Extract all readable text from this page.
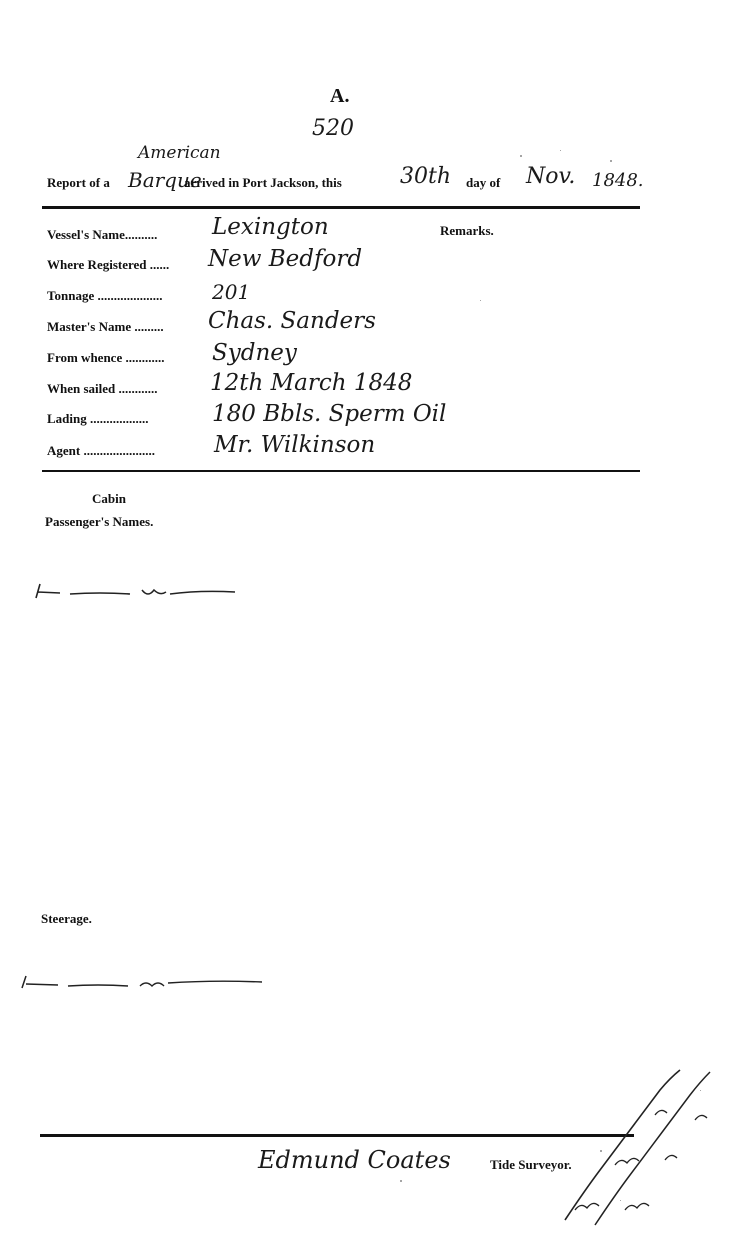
A.
520
American
Report of a Barque
arrived in Port Jackson, this	30th day of Nov. 1848.
Remarks.
Vessel's Name.......... Lexington
Where Registered ...... New Bedford
Tonnage .................... 201
Master's Name ......... Chas. Sanders
From whence ............ Sydney
When sailed ............ 12th March 1848
Lading ..................	180 Bbls. Sperm Oil
Agent ......................	Mr. Wilkinson
Cabin
Passenger's Names.
Steerage.
Edmund Coates	Tide Surveyor.
